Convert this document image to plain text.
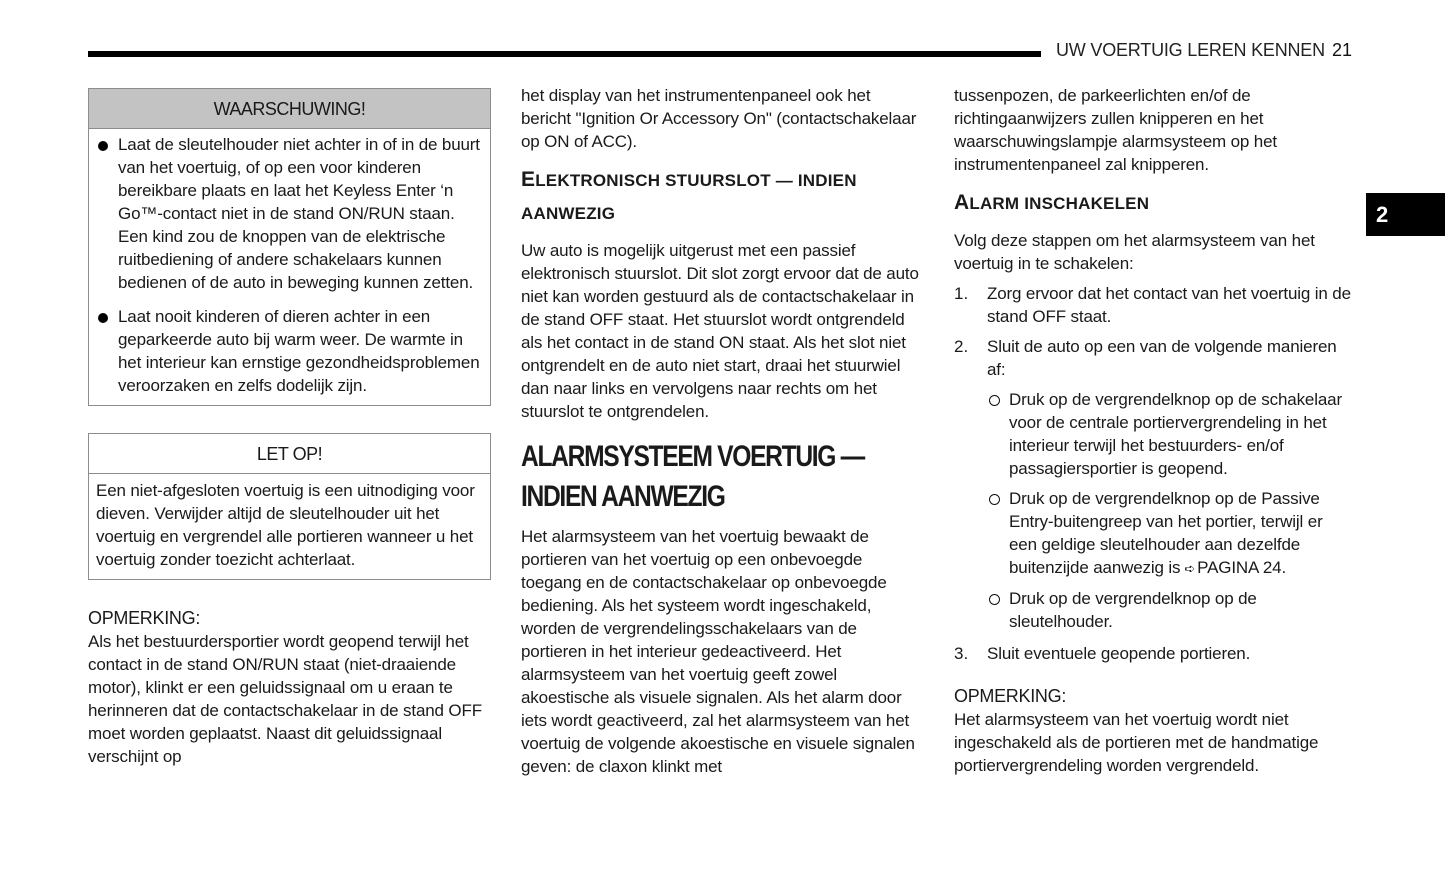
UW VOERTUIG LEREN KENNEN 21
2
WAARSCHUWING!

Laat de sleutelhouder niet achter in of in de buurt van het voertuig, of op een voor kinderen bereikbare plaats en laat het Keyless Enter ‘n Go™-contact niet in de stand ON/RUN staan. Een kind zou de knoppen van de elektrische ruitbediening of andere schakelaars kunnen bedienen of de auto in beweging kunnen zetten.

Laat nooit kinderen of dieren achter in een geparkeerde auto bij warm weer. De warmte in het interieur kan ernstige gezondheidsproblemen veroorzaken en zelfs dodelijk zijn.

LET OP!

Een niet-afgesloten voertuig is een uitnodiging voor dieven. Verwijder altijd de sleutelhouder uit het voertuig en vergrendel alle portieren wanneer u het voertuig zonder toezicht achterlaat.

OPMERKING:

Als het bestuurdersportier wordt geopend terwijl het contact in de stand ON/RUN staat (niet-draaiende motor), klinkt er een geluidssignaal om u eraan te herinneren dat de contactschakelaar in de stand OFF moet worden geplaatst. Naast dit geluidssignaal verschijnt op

het display van het instrumentenpaneel ook het bericht "Ignition Or Accessory On" (contactschakelaar op ON of ACC).

ELEKTRONISCH STUURSLOT — INDIEN AANWEZIG

Uw auto is mogelijk uitgerust met een passief elektronisch stuurslot. Dit slot zorgt ervoor dat de auto niet kan worden gestuurd als de contactschakelaar in de stand OFF staat. Het stuurslot wordt ontgrendeld als het contact in de stand ON staat. Als het slot niet ontgrendelt en de auto niet start, draai het stuurwiel dan naar links en vervolgens naar rechts om het stuurslot te ontgrendelen.

ALARMSYSTEEM VOERTUIG — INDIEN AANWEZIG

Het alarmsysteem van het voertuig bewaakt de portieren van het voertuig op een onbevoegde toegang en de contactschakelaar op onbevoegde bediening. Als het systeem wordt ingeschakeld, worden de vergrendelingsschakelaars van de portieren in het interieur gedeactiveerd. Het alarmsysteem van het voertuig geeft zowel akoestische als visuele signalen. Als het alarm door iets wordt geactiveerd, zal het alarmsysteem van het voertuig de volgende akoestische en visuele signalen geven: de claxon klinkt met

tussenpozen, de parkeerlichten en/of de richtingaanwijzers zullen knipperen en het waarschuwingslampje alarmsysteem op het instrumentenpaneel zal knipperen.

ALARM INSCHAKELEN

Volg deze stappen om het alarmsysteem van het voertuig in te schakelen:

1. Zorg ervoor dat het contact van het voertuig in de stand OFF staat.

2. Sluit de auto op een van de volgende manieren af:

Druk op de vergrendelknop op de schakelaar voor de centrale portiervergrendeling in het interieur terwijl het bestuurders- en/of passagiersportier is geopend.

Druk op de vergrendelknop op de Passive Entry-buitengreep van het portier, terwijl er een geldige sleutelhouder aan dezelfde buitenzijde aanwezig is ➪ PAGINA 24.

Druk op de vergrendelknop op de sleutelhouder.

3. Sluit eventuele geopende portieren.

OPMERKING:

Het alarmsysteem van het voertuig wordt niet ingeschakeld als de portieren met de handmatige portiervergrendeling worden vergrendeld.
